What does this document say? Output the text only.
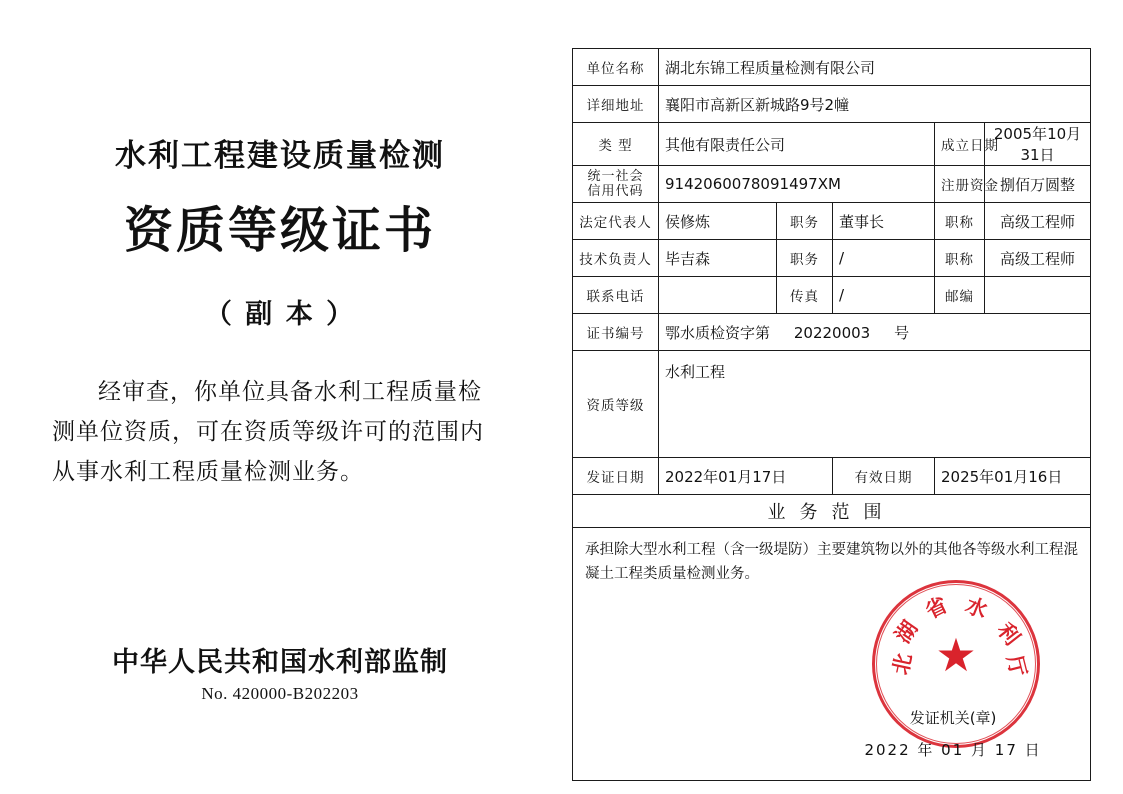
水利工程建设质量检测
资质等级证书
（ 副 本 ）
经审查，你单位具备水利工程质量检测单位资质，可在资质等级许可的范围内从事水利工程质量检测业务。
中华人民共和国水利部监制
No. 420000-B202203
单位名称	湖北东锦工程质量检测有限公司				
详细地址	襄阳市高新区新城路9号2幢				
类 型	其他有限责任公司			成立日期	2005年10月31日

统一社会
信用代码	9142060078091497XM			注册资金	捌佰万圆整
法定代表人	侯修炼	职务	董事长	职称	高级工程师
技术负责人	毕吉森	职务	/	职称	高级工程师
联系电话		传真	/	邮编	
证书编号	鄂水质检资字第 20220003 号				
资质等级	水利工程				
发证日期	2022年01月17日		有效日期	2025年01月16日	
业务范围					

承担除大型水利工程（含一级堤防）主要建筑物以外的其他各等级水利工程混凝土工程类质量检测业务。
★
湖
北
省 水
利
厅
发证机关(章)
2022 年 01 月 17 日
